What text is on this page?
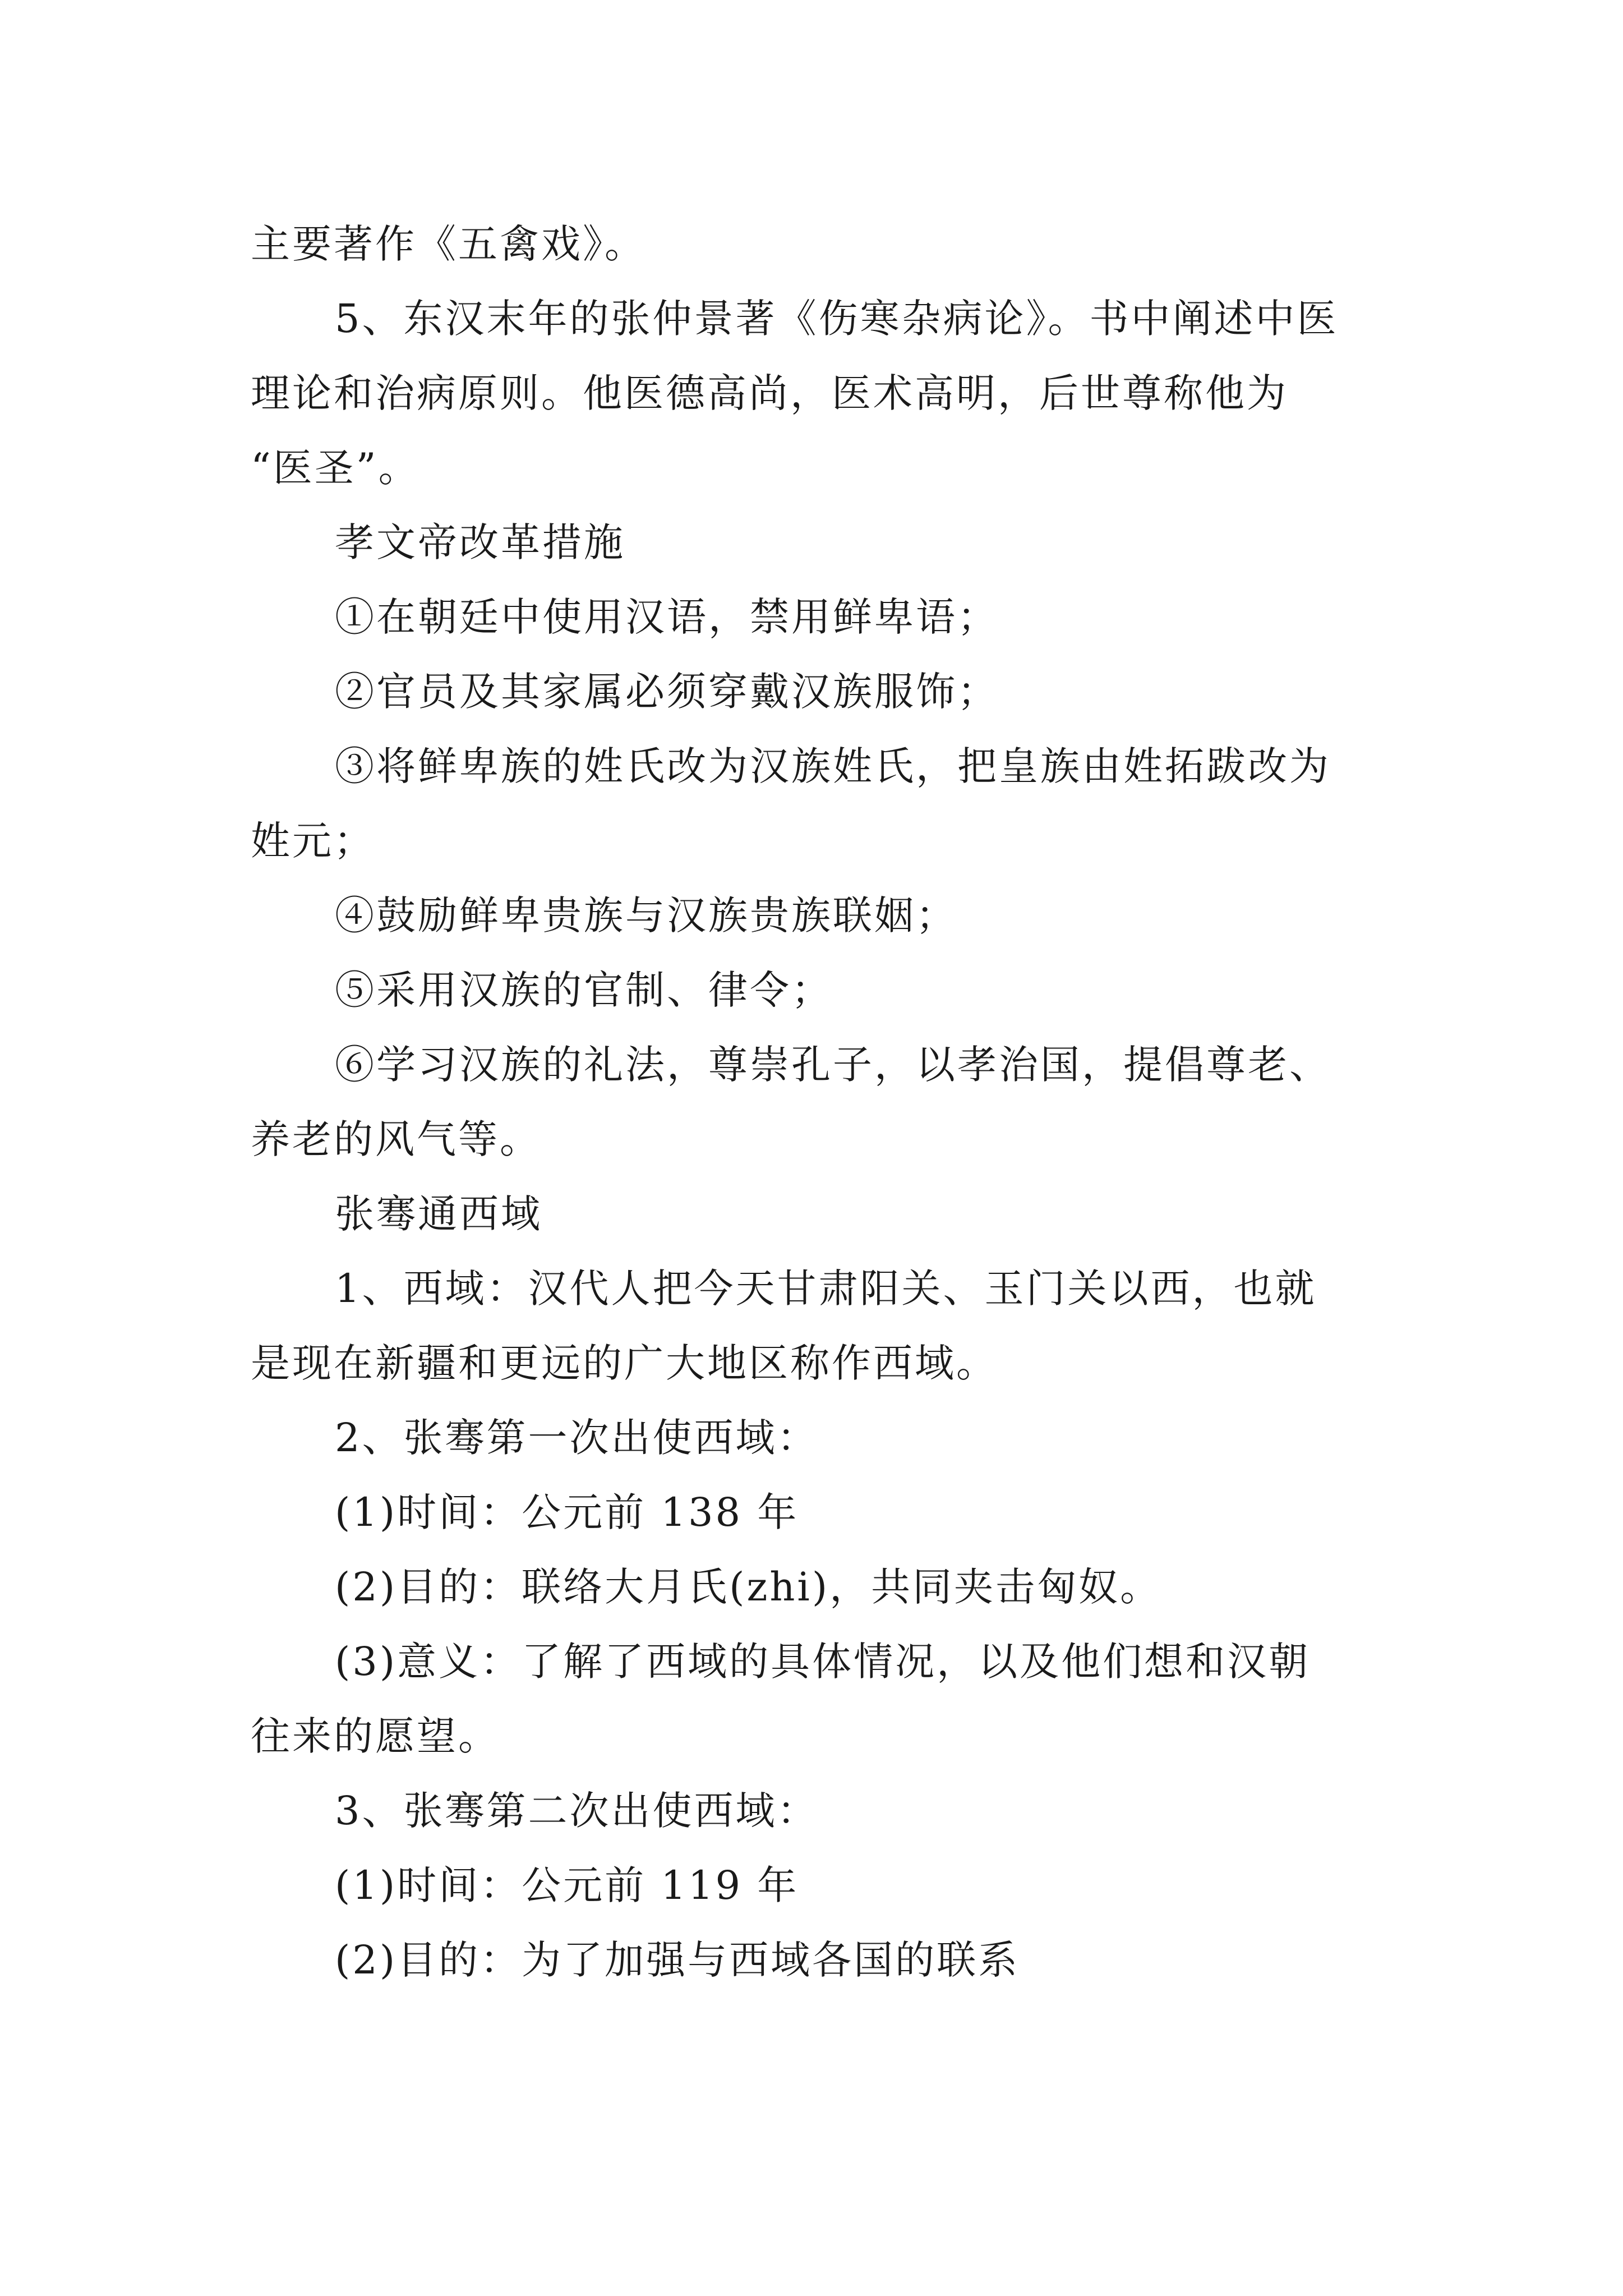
主要著作《五禽戏》。
5、东汉末年的张仲景著《伤寒杂病论》。书中阐述中医
理论和治病原则。他医德高尚，医术高明，后世尊称他为
“医圣”。
孝文帝改革措施
①在朝廷中使用汉语，禁用鲜卑语；
②官员及其家属必须穿戴汉族服饰；
③将鲜卑族的姓氏改为汉族姓氏，把皇族由姓拓跋改为
姓元；
④鼓励鲜卑贵族与汉族贵族联姻；
⑤采用汉族的官制、律令；
⑥学习汉族的礼法，尊崇孔子，以孝治国，提倡尊老、
养老的风气等。
张骞通西域
1、西域：汉代人把今天甘肃阳关、玉门关以西，也就
是现在新疆和更远的广大地区称作西域。
2、张骞第一次出使西域：
(1)时间：公元前 138 年
(2)目的：联络大月氏(zhi)，共同夹击匈奴。
(3)意义：了解了西域的具体情况，以及他们想和汉朝
往来的愿望。
3、张骞第二次出使西域：
(1)时间：公元前 119 年
(2)目的：为了加强与西域各国的联系
